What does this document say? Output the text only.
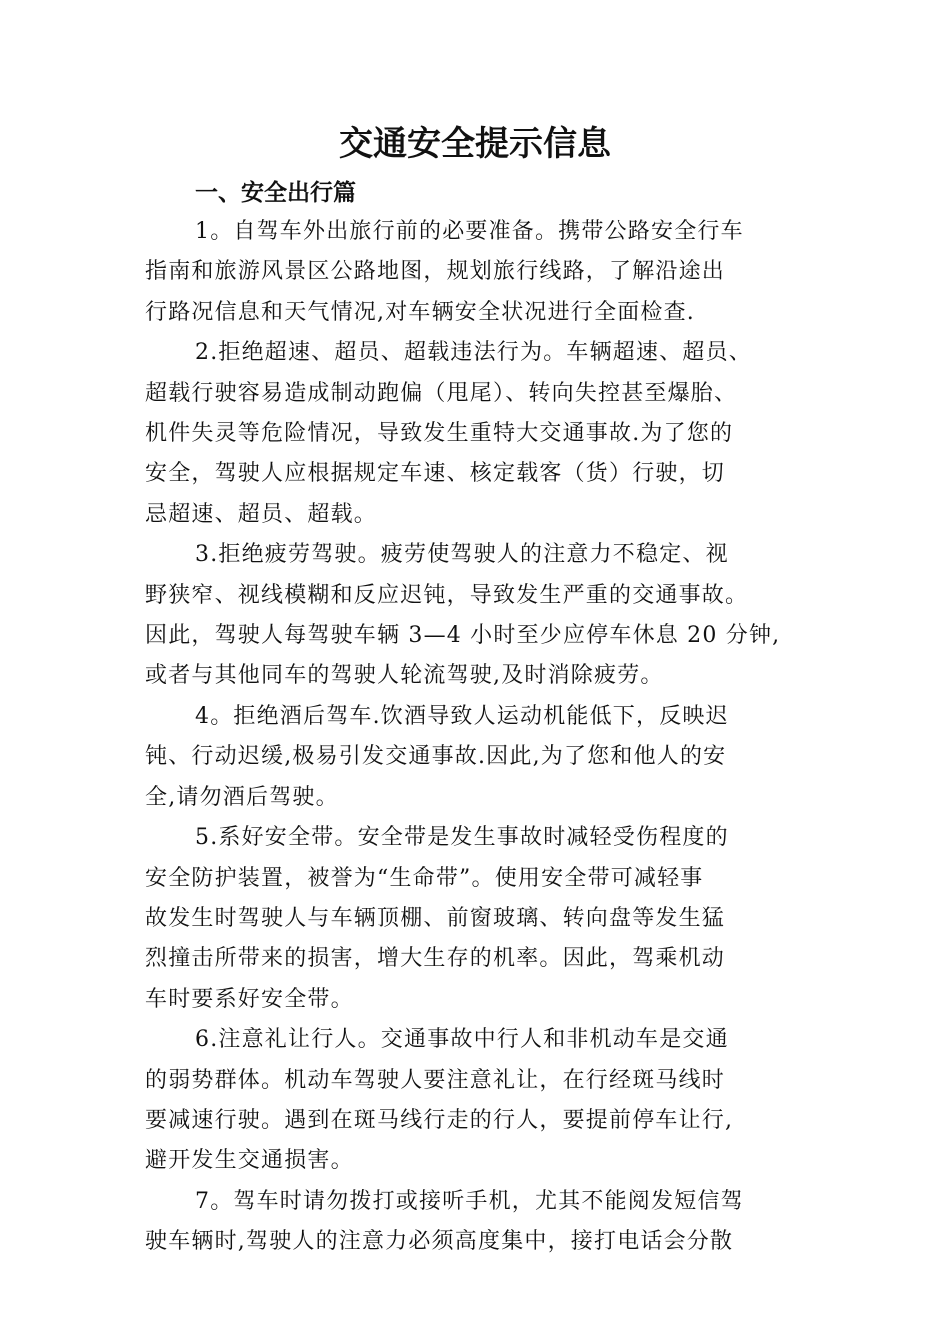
交通安全提示信息
一、安全出行篇

1。自驾车外出旅行前的必要准备。携带公路安全行车
指南和旅游风景区公路地图，规划旅行线路，了解沿途出
行路况信息和天气情况,对车辆安全状况进行全面检查.

2.拒绝超速、超员、超载违法行为。车辆超速、超员、
超载行驶容易造成制动跑偏（甩尾）、转向失控甚至爆胎、
机件失灵等危险情况，导致发生重特大交通事故.为了您的
安全，驾驶人应根据规定车速、核定载客（货）行驶，切
忌超速、超员、超载。

3.拒绝疲劳驾驶。疲劳使驾驶人的注意力不稳定、视
野狭窄、视线模糊和反应迟钝，导致发生严重的交通事故。
因此，驾驶人每驾驶车辆 3—4 小时至少应停车休息 20 分钟,
或者与其他同车的驾驶人轮流驾驶,及时消除疲劳。

4。拒绝酒后驾车.饮酒导致人运动机能低下，反映迟
钝、行动迟缓,极易引发交通事故.因此,为了您和他人的安
全,请勿酒后驾驶。

5.系好安全带。安全带是发生事故时减轻受伤程度的
安全防护装置，被誉为“生命带”。使用安全带可减轻事
故发生时驾驶人与车辆顶棚、前窗玻璃、转向盘等发生猛
烈撞击所带来的损害，增大生存的机率。因此，驾乘机动
车时要系好安全带。

6.注意礼让行人。交通事故中行人和非机动车是交通
的弱势群体。机动车驾驶人要注意礼让，在行经斑马线时
要减速行驶。遇到在斑马线行走的行人，要提前停车让行,
避开发生交通损害。

7。驾车时请勿拨打或接听手机，尤其不能阅发短信驾
驶车辆时,驾驶人的注意力必须高度集中，接打电话会分散
